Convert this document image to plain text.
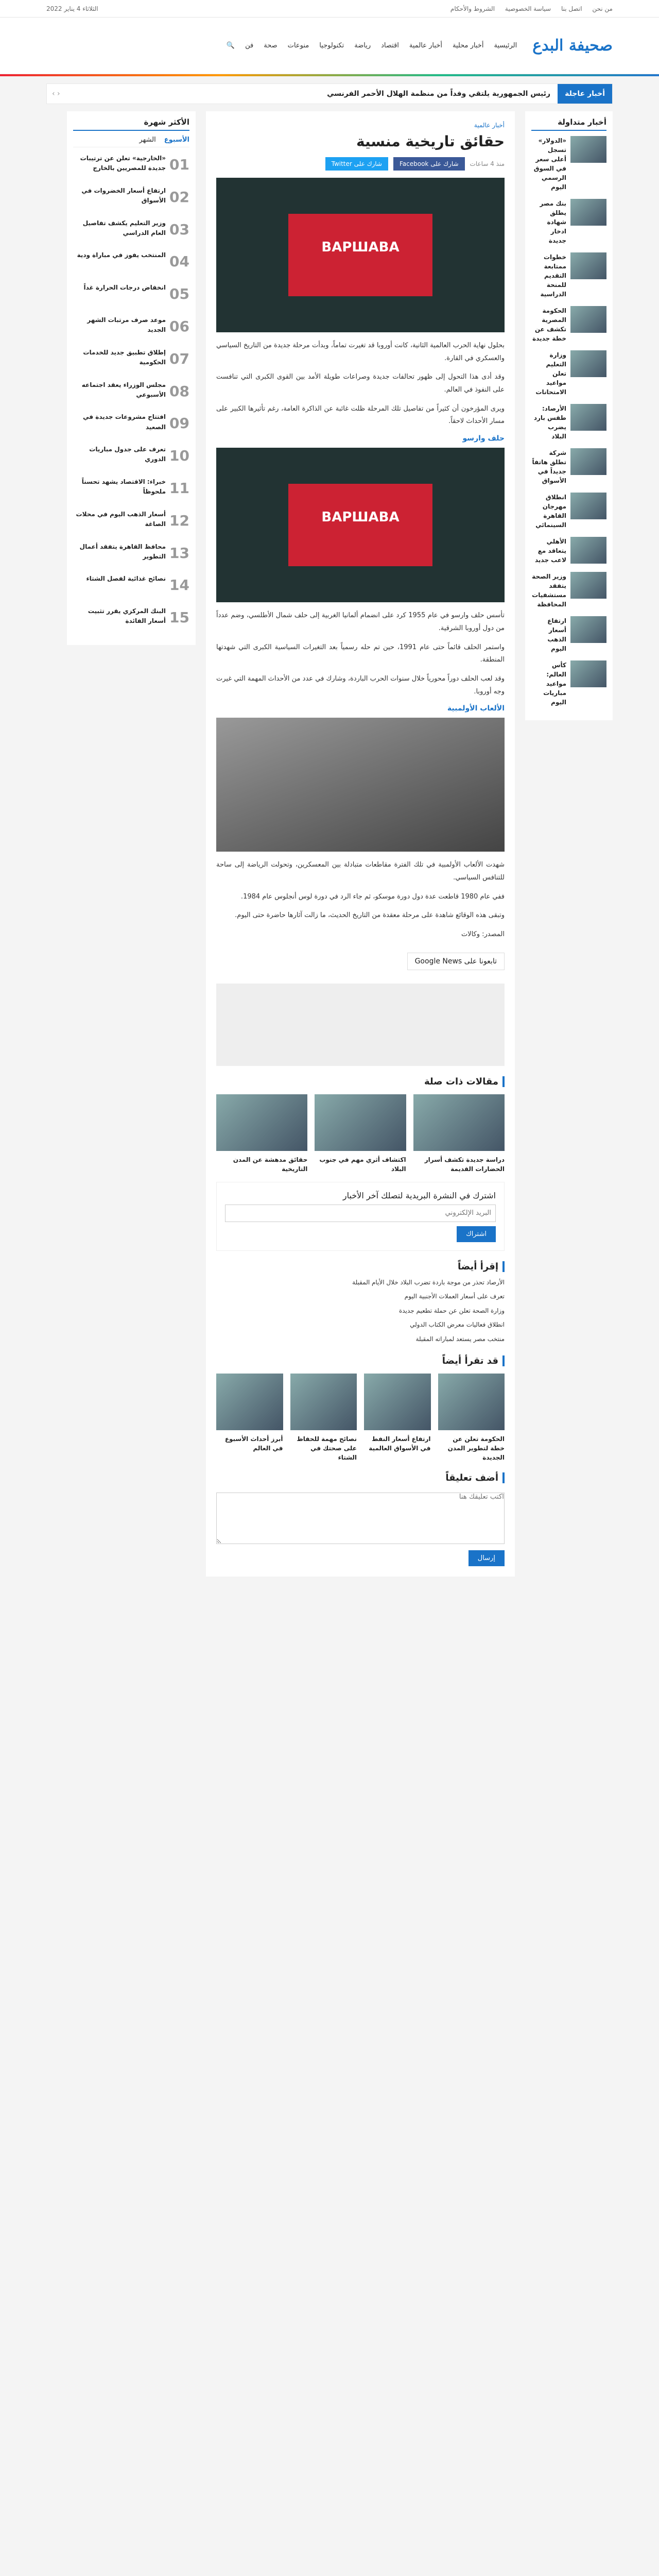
من نحن اتصل بنا سياسة الخصوصية الشروط والأحكام
الثلاثاء 4 يناير 2022
صحيفة البدع
الرئيسية
أخبار محلية
أخبار عالمية
اقتصاد
رياضة
تكنولوجيا
منوعات
صحة
فن
🔍
أخبار عاجلة
رئيس الجمهورية يلتقي وفداً من منظمة الهلال الأحمر الفرنسي
‹ ›
أخبار متداولة
«الدولار» تسجل أعلى سعر في السوق الرسمي اليوم
بنك مصر يطلق شهادة ادخار جديدة
خطوات ممتابعة التقديم للمنحة الدراسية
الحكومة المصرية تكشف عن خطة جديدة
وزارة التعليم تعلن مواعيد الامتحانات
الأرصاد: طقس بارد يضرب البلاد
شركة تطلق هاتفاً جديداً في الأسواق
انطلاق مهرجان القاهرة السينمائي
الأهلي يتعاقد مع لاعب جديد
وزير الصحة يتفقد مستشفيات المحافظة
ارتفاع أسعار الذهب اليوم
كأس العالم: مواعيد مباريات اليوم
أخبار عالمية
حقائق تاريخية منسية
منذ 4 ساعات
شارك على Facebook
شارك على Twitter
ВАРШАВА

بحلول نهاية الحرب العالمية الثانية، كانت أوروبا قد تغيرت تماماً، وبدأت مرحلة جديدة من التاريخ السياسي والعسكري في القارة.

وقد أدى هذا التحول إلى ظهور تحالفات جديدة وصراعات طويلة الأمد بين القوى الكبرى التي تنافست على النفوذ في العالم.

ويرى المؤرخون أن كثيراً من تفاصيل تلك المرحلة ظلت غائبة عن الذاكرة العامة، رغم تأثيرها الكبير على مسار الأحداث لاحقاً.

حلف وارسو
ВАРШАВА

تأسس حلف وارسو في عام 1955 كرد على انضمام ألمانيا الغربية إلى حلف شمال الأطلسي، وضم عدداً من دول أوروبا الشرقية.

واستمر الحلف قائماً حتى عام 1991، حين تم حله رسمياً بعد التغيرات السياسية الكبرى التي شهدتها المنطقة.

وقد لعب الحلف دوراً محورياً خلال سنوات الحرب الباردة، وشارك في عدد من الأحداث المهمة التي غيرت وجه أوروبا.

الألعاب الأولمبية

شهدت الألعاب الأولمبية في تلك الفترة مقاطعات متبادلة بين المعسكرين، وتحولت الرياضة إلى ساحة للتنافس السياسي.

ففي عام 1980 قاطعت عدة دول دورة موسكو، ثم جاء الرد في دورة لوس أنجلوس عام 1984.

وتبقى هذه الوقائع شاهدة على مرحلة معقدة من التاريخ الحديث، ما زالت آثارها حاضرة حتى اليوم.

المصدر: وكالات

تابعونا على Google News
مقالات ذات صلة
دراسة جديدة تكشف أسرار الحضارات القديمة
اكتشاف أثري مهم في جنوب البلاد
حقائق مدهشة عن المدن التاريخية
اشترك في النشرة البريدية لتصلك آخر الأخبار
البريد الإلكتروني اشتراك
إقرأ أيضاً
الأرصاد تحذر من موجة باردة تضرب البلاد خلال الأيام المقبلة
تعرف على أسعار العملات الأجنبية اليوم
وزارة الصحة تعلن عن حملة تطعيم جديدة
انطلاق فعاليات معرض الكتاب الدولي
منتخب مصر يستعد لمباراته المقبلة
قد تقرأ أيضاً
الحكومة تعلن عن خطة لتطوير المدن الجديدة
ارتفاع أسعار النفط في الأسواق العالمية
نصائح مهمة للحفاظ على صحتك في الشتاء
أبرز أحداث الأسبوع في العالم
أضف تعليقاً
اكتب تعليقك هنا إرسال
الأكثر شهرة
الأسبوع
الشهر
01
«الخارجية» تعلن عن ترتيبات جديدة للمصريين بالخارج
02
ارتفاع أسعار الخضروات في الأسواق
03
وزير التعليم يكشف تفاصيل العام الدراسي
04
المنتخب يفوز في مباراة ودية
05
انخفاض درجات الحرارة غداً
06
موعد صرف مرتبات الشهر الجديد
07
إطلاق تطبيق جديد للخدمات الحكومية
08
مجلس الوزراء يعقد اجتماعه الأسبوعي
09
افتتاح مشروعات جديدة في الصعيد
10
تعرف على جدول مباريات الدوري
11
خبراء: الاقتصاد يشهد تحسناً ملحوظاً
12
أسعار الذهب اليوم في محلات الصاغة
13
محافظ القاهرة يتفقد أعمال التطوير
14
نصائح غذائية لفصل الشتاء
15
البنك المركزي يقرر تثبيت أسعار الفائدة
